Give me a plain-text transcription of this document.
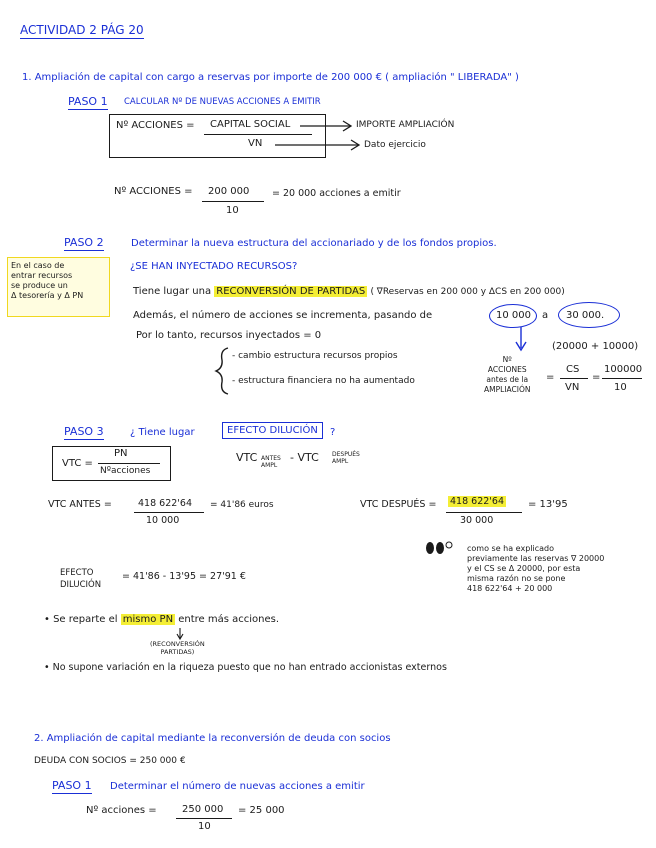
ACTIVIDAD 2 PÁG 20
1. Ampliación de capital con cargo a reservas por importe de 200 000 € ( ampliación " LIBERADA" )
PASO 1 CALCULAR Nº DE NUEVAS ACCIONES A EMITIR
Nº ACCIONES = CAPITAL SOCIAL
VN
IMPORTE AMPLIACIÓN
Dato ejercicio
Nº ACCIONES = 200 000
10
= 20 000 acciones a emitir
PASO 2	Determinar la nueva estructura del accionariado y de los fondos propios.
En el caso de
entrar recursos
se produce un
Δ tesorería y Δ PN
¿SE HAN INYECTADO RECURSOS?
Tiene lugar una RECONVERSIÓN DE PARTIDAS ( ∇Reservas en 200 000 y ΔCS en 200 000)
Además, el número de acciones se incrementa, pasando de	10 000 a 30 000.
Por lo tanto, recursos inyectados = 0
- cambio estructura recursos propios
- estructura financiera no ha aumentado
(20000 + 10000)
Nº
ACCIONES
antes de la
AMPLIACIÓN
=
CS
VN
=
100000
10
PASO 3	¿ Tiene lugar	EFECTO DILUCIÓN	?
VTC =
PN
Nºacciones
VTC ANTES AMPL
- VTC DESPUÉS AMPL
VTC ANTES =	418 622'64
10 000
= 41'86 euros	VTC DESPUÉS = 418 622'64
30 000
= 13'95
como se ha explicado
previamente las reservas ∇ 20000
y el CS se Δ 20000, por esta
misma razón no se pone
418 622'64 + 20 000
EFECTO
DILUCIÓN
= 41'86 - 13'95 = 27'91 €
• Se reparte el mismo PN entre más acciones.
(RECONVERSIÓN
PARTIDAS)
• No supone variación en la riqueza puesto que no han entrado accionistas externos
2. Ampliación de capital mediante la reconversión de deuda con socios
DEUDA CON SOCIOS = 250 000 €
PASO 1 Determinar el número de nuevas acciones a emitir
Nº acciones =	250 000
10
= 25 000
